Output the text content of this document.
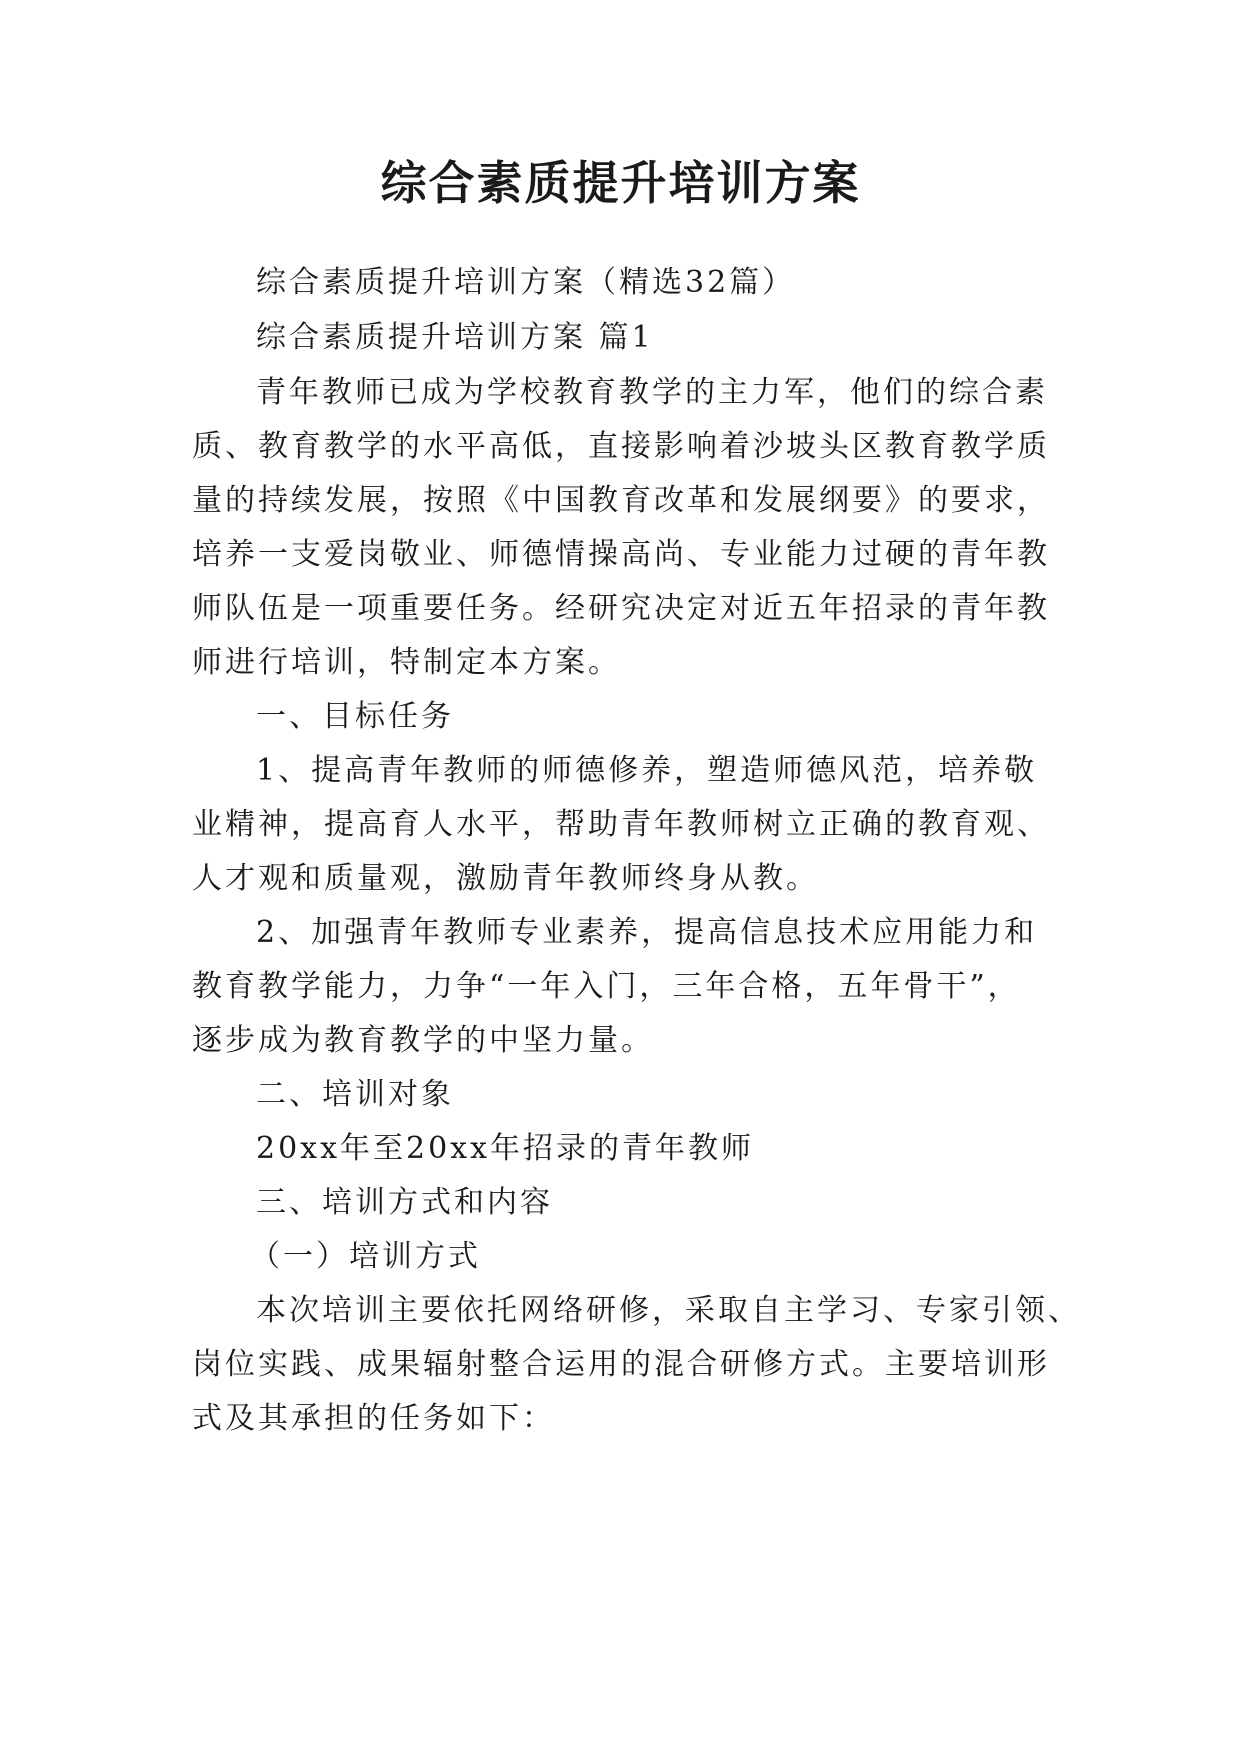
综合素质提升培训方案
综合素质提升培训方案（精选32篇）
综合素质提升培训方案 篇1
青年教师已成为学校教育教学的主力军，他们的综合素
质、教育教学的水平高低，直接影响着沙坡头区教育教学质
量的持续发展，按照《中国教育改革和发展纲要》的要求，
培养一支爱岗敬业、师德情操高尚、专业能力过硬的青年教
师队伍是一项重要任务。经研究决定对近五年招录的青年教
师进行培训，特制定本方案。
一、目标任务
1、提高青年教师的师德修养，塑造师德风范，培养敬
业精神，提高育人水平，帮助青年教师树立正确的教育观、
人才观和质量观，激励青年教师终身从教。
2、加强青年教师专业素养，提高信息技术应用能力和
教育教学能力，力争“一年入门，三年合格，五年骨干”，
逐步成为教育教学的中坚力量。
二、培训对象
20xx年至20xx年招录的青年教师
三、培训方式和内容
（一）培训方式
本次培训主要依托网络研修，采取自主学习、专家引领、
岗位实践、成果辐射整合运用的混合研修方式。主要培训形
式及其承担的任务如下：
